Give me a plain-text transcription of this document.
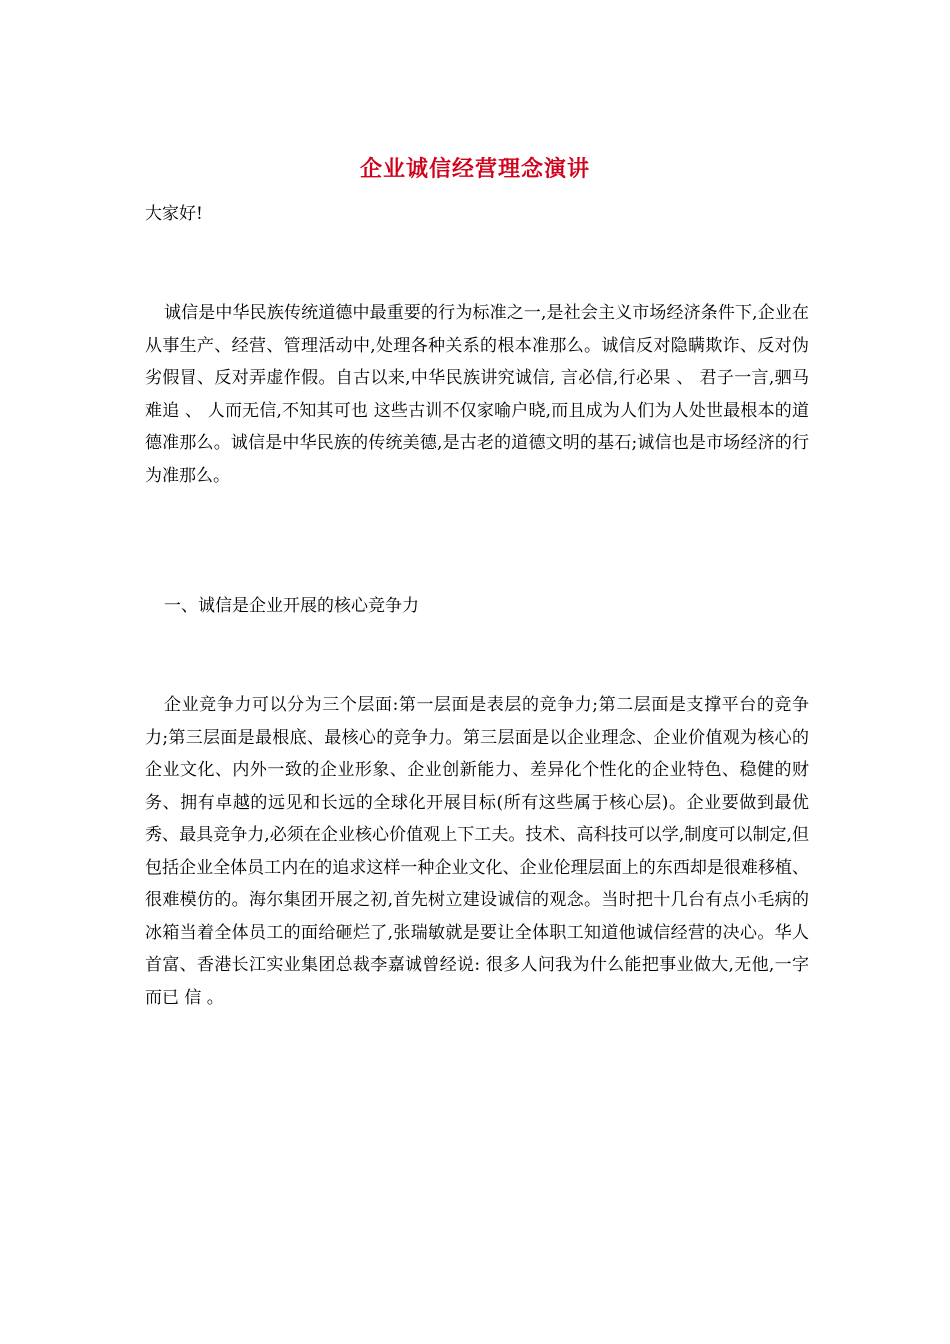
企业诚信经营理念演讲

大家好!

诚信是中华民族传统道德中最重要的行为标准之一,是社会主义市场经济条件下,企业在从事生产、经营、管理活动中,处理各种关系的根本准那么。诚信反对隐瞒欺诈、反对伪劣假冒、反对弄虚作假。自古以来,中华民族讲究诚信, 言必信,行必果 、 君子一言,驷马难追 、 人而无信,不知其可也 这些古训不仅家喻户晓,而且成为人们为人处世最根本的道德准那么。诚信是中华民族的传统美德,是古老的道德文明的基石;诚信也是市场经济的行为准那么。

一、诚信是企业开展的核心竞争力

企业竞争力可以分为三个层面:第一层面是表层的竞争力;第二层面是支撑平台的竞争力;第三层面是最根底、最核心的竞争力。第三层面是以企业理念、企业价值观为核心的企业文化、内外一致的企业形象、企业创新能力、差异化个性化的企业特色、稳健的财务、拥有卓越的远见和长远的全球化开展目标(所有这些属于核心层)。企业要做到最优秀、最具竞争力,必须在企业核心价值观上下工夫。技术、高科技可以学,制度可以制定,但包括企业全体员工内在的追求这样一种企业文化、企业伦理层面上的东西却是很难移植、很难模仿的。海尔集团开展之初,首先树立建设诚信的观念。当时把十几台有点小毛病的冰箱当着全体员工的面给砸烂了,张瑞敏就是要让全体职工知道他诚信经营的决心。华人首富、香港长江实业集团总裁李嘉诚曾经说: 很多人问我为什么能把事业做大,无他,一字而已 信 。
